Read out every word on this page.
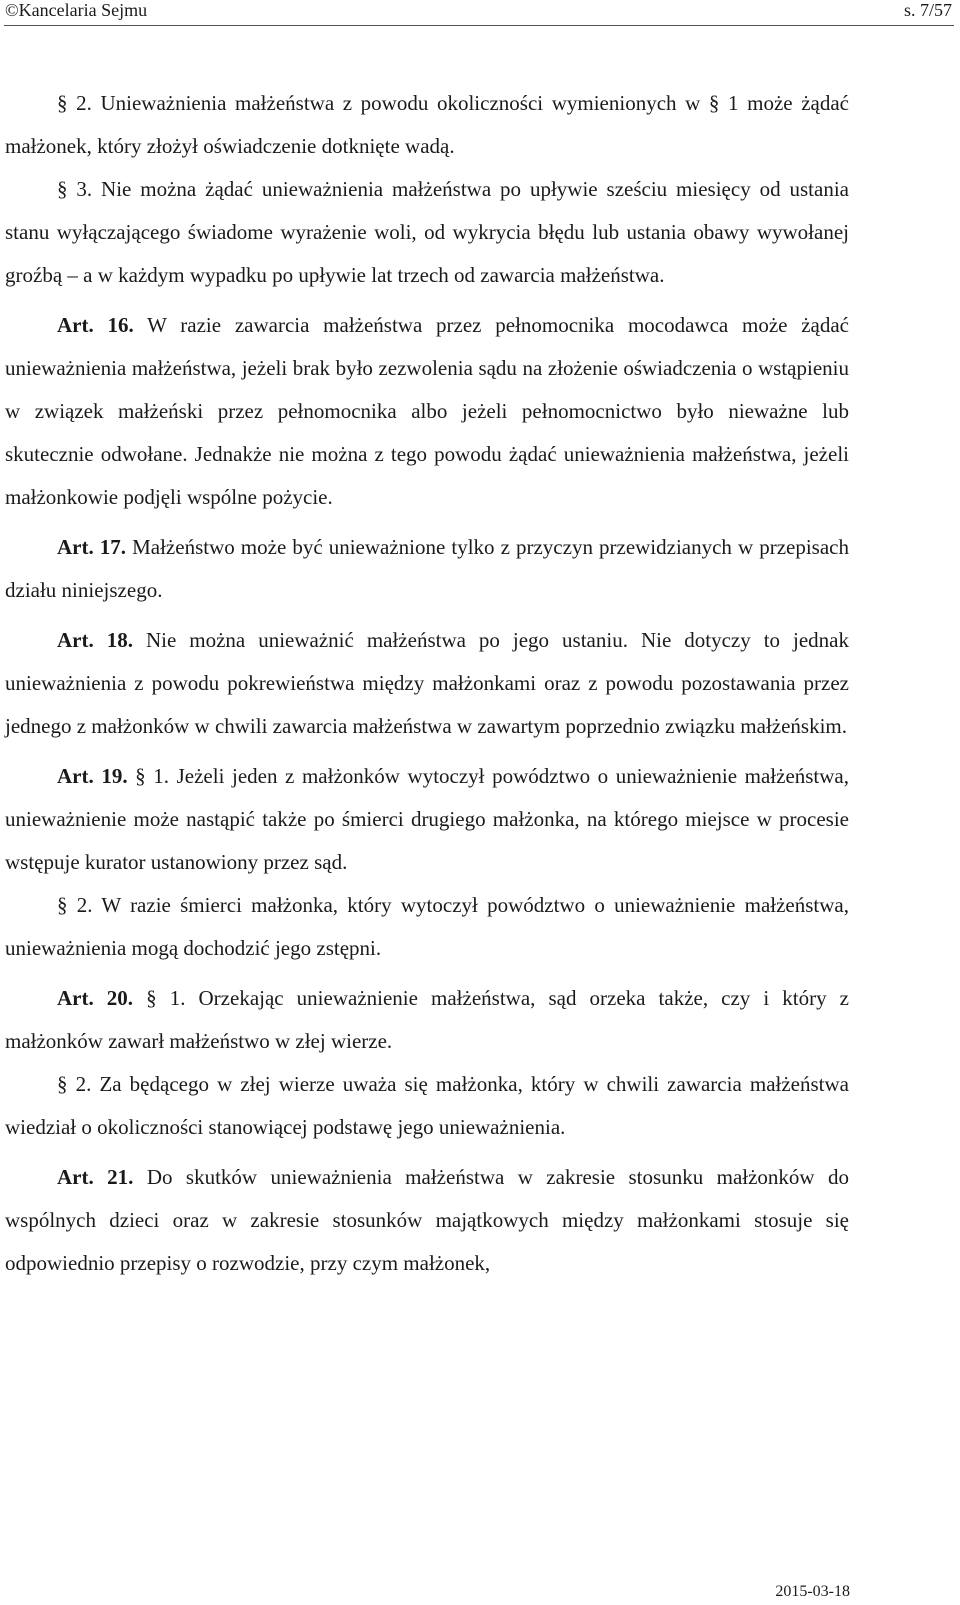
©Kancelaria Sejmu	s. 7/57

§ 2. Unieważnienia małżeństwa z powodu okoliczności wymienionych w § 1 może żądać małżonek, który złożył oświadczenie dotknięte wadą.

§ 3. Nie można żądać unieważnienia małżeństwa po upływie sześciu miesięcy od ustania stanu wyłączającego świadome wyrażenie woli, od wykrycia błędu lub ustania obawy wywołanej groźbą – a w każdym wypadku po upływie lat trzech od zawarcia małżeństwa.

Art. 16. W razie zawarcia małżeństwa przez pełnomocnika mocodawca może żądać unieważnienia małżeństwa, jeżeli brak było zezwolenia sądu na złożenie oświadczenia o wstąpieniu w związek małżeński przez pełnomocnika albo jeżeli pełnomocnictwo było nieważne lub skutecznie odwołane. Jednakże nie można z tego powodu żądać unieważnienia małżeństwa, jeżeli małżonkowie podjęli wspólne pożycie.

Art. 17. Małżeństwo może być unieważnione tylko z przyczyn przewidzianych w przepisach działu niniejszego.

Art. 18. Nie można unieważnić małżeństwa po jego ustaniu. Nie dotyczy to jednak unieważnienia z powodu pokrewieństwa między małżonkami oraz z powodu pozostawania przez jednego z małżonków w chwili zawarcia małżeństwa w zawartym poprzednio związku małżeńskim.

Art. 19. § 1. Jeżeli jeden z małżonków wytoczył powództwo o unieważnienie małżeństwa, unieważnienie może nastąpić także po śmierci drugiego małżonka, na którego miejsce w procesie wstępuje kurator ustanowiony przez sąd.

§ 2. W razie śmierci małżonka, który wytoczył powództwo o unieważnienie małżeństwa, unieważnienia mogą dochodzić jego zstępni.

Art. 20. § 1. Orzekając unieważnienie małżeństwa, sąd orzeka także, czy i który z małżonków zawarł małżeństwo w złej wierze.

§ 2. Za będącego w złej wierze uważa się małżonka, który w chwili zawarcia małżeństwa wiedział o okoliczności stanowiącej podstawę jego unieważnienia.

Art. 21. Do skutków unieważnienia małżeństwa w zakresie stosunku małżonków do wspólnych dzieci oraz w zakresie stosunków majątkowych między małżonkami stosuje się odpowiednio przepisy o rozwodzie, przy czym małżonek,

2015-03-18
